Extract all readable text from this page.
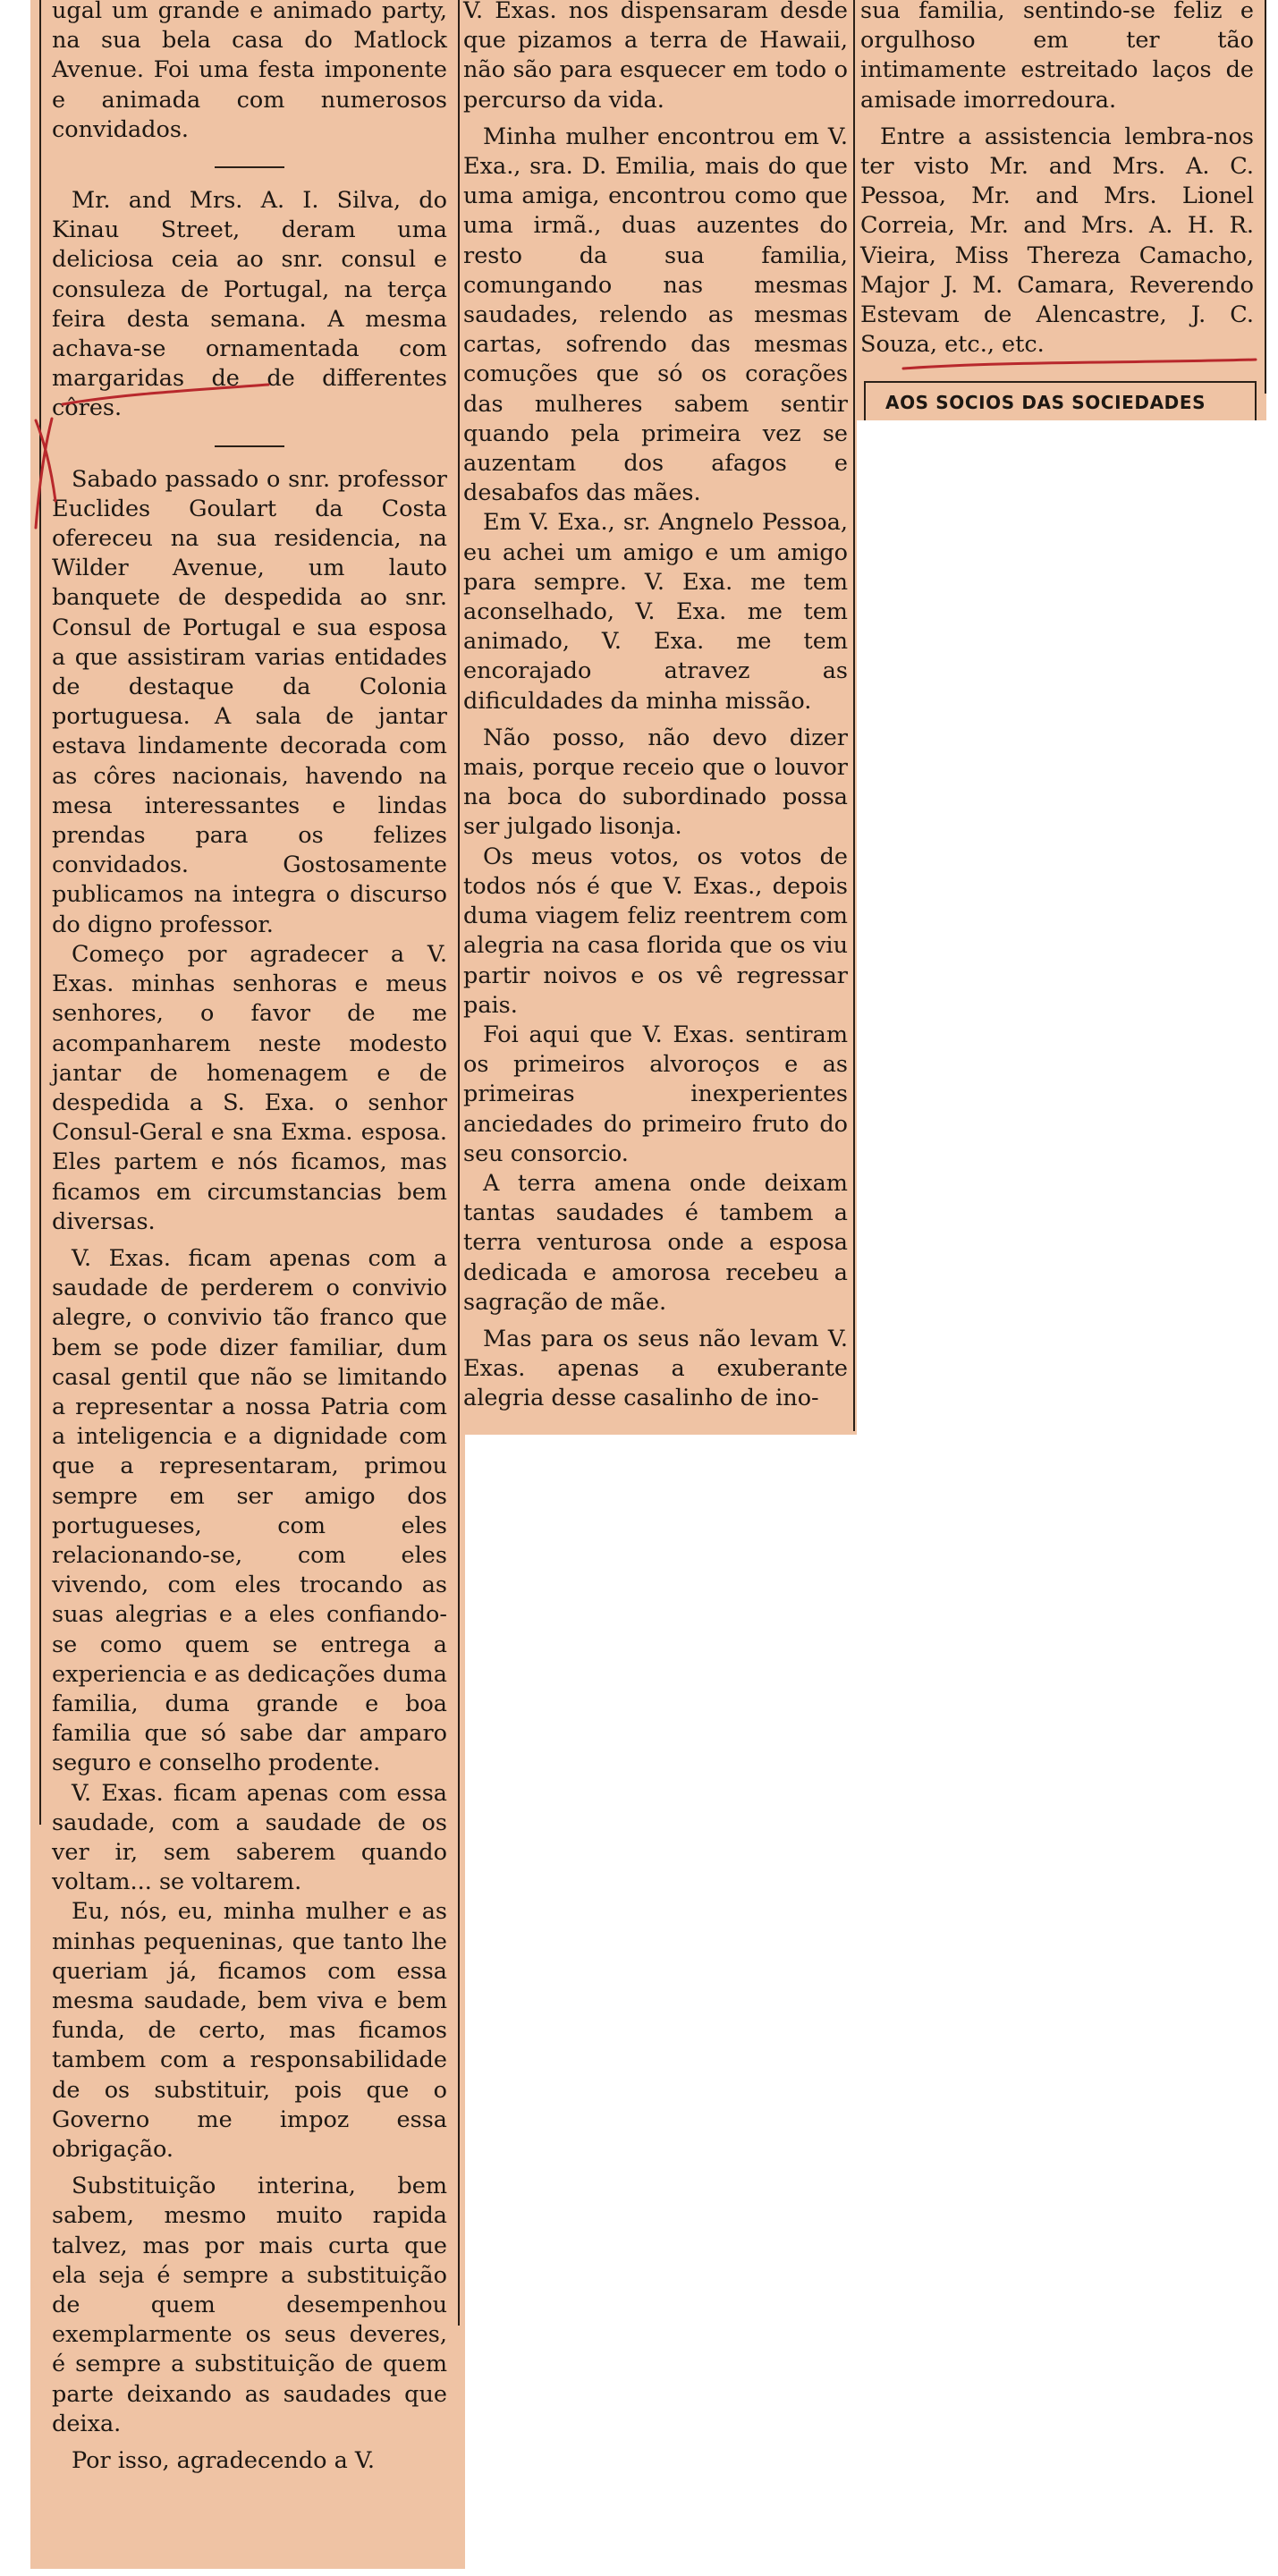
ugal um grande e animado party, na sua bela casa do Matlock Avenue. Foi uma festa imponente e animada com numerosos convidados.

Mr. and Mrs. A. I. Silva, do Kinau Street, deram uma deliciosa ceia ao snr. consul e consuleza de Portugal, na terça feira desta semana. A mesma achava-se ornamentada com margaridas de de differentes côres.

Sabado passado o snr. professor Euclides Goulart da Costa ofereceu na sua residencia, na Wilder Avenue, um lauto banquete de despedida ao snr. Consul de Portugal e sua esposa a que assistiram varias entidades de destaque da Colonia portuguesa. A sala de jantar estava lindamente decorada com as côres nacionais, havendo na mesa interessantes e lindas prendas para os felizes convidados. Gostosamente publicamos na integra o discurso do digno professor.

Começo por agradecer a V. Exas. minhas senhoras e meus senhores, o favor de me acompanharem neste modesto jantar de homenagem e de despedida a S. Exa. o senhor Consul-Geral e sna Exma. esposa. Eles partem e nós ficamos, mas ficamos em circumstancias bem diversas.

V. Exas. ficam apenas com a saudade de perderem o convivio alegre, o convivio tão franco que bem se pode dizer familiar, dum casal gentil que não se limitando a representar a nossa Patria com a inteligencia e a dignidade com que a representaram, primou sempre em ser amigo dos portugueses, com eles relacionando-se, com eles vivendo, com eles trocando as suas alegrias e a eles confiando-se como quem se entrega a experiencia e as dedicações duma familia, duma grande e boa familia que só sabe dar amparo seguro e conselho prodente.

V. Exas. ficam apenas com essa saudade, com a saudade de os ver ir, sem saberem quando voltam... se voltarem.

Eu, nós, eu, minha mulher e as minhas pequeninas, que tanto lhe queriam já, ficamos com essa mesma saudade, bem viva e bem funda, de certo, mas ficamos tambem com a responsabilidade de os substituir, pois que o Governo me impoz essa obrigação.

Substituição interina, bem sabem, mesmo muito rapida talvez, mas por mais curta que ela seja é sempre a substituição de quem desempenhou exemplarmente os seus deveres, é sempre a substituição de quem parte deixando as saudades que deixa.

Por isso, agradecendo a V.

V. Exas. nos dispensaram desde que pizamos a terra de Hawaii, não são para esquecer em todo o percurso da vida.

Minha mulher encontrou em V. Exa., sra. D. Emilia, mais do que uma amiga, encontrou como que uma irmã., duas auzentes do resto da sua familia, comungando nas mesmas saudades, relendo as mesmas cartas, sofrendo das mesmas comuções que só os corações das mulheres sabem sentir quando pela primeira vez se auzentam dos afagos e desabafos das mães.

Em V. Exa., sr. Angnelo Pessoa, eu achei um amigo e um amigo para sempre. V. Exa. me tem aconselhado, V. Exa. me tem animado, V. Exa. me tem encorajado atravez as dificuldades da minha missão.

Não posso, não devo dizer mais, porque receio que o louvor na boca do subordinado possa ser julgado lisonja.

Os meus votos, os votos de todos nós é que V. Exas., depois duma viagem feliz reentrem com alegria na casa florida que os viu partir noivos e os vê regressar pais.

Foi aqui que V. Exas. sentiram os primeiros alvoroços e as primeiras inexperientes anciedades do primeiro fruto do seu consorcio.

A terra amena onde deixam tantas saudades é tambem a terra venturosa onde a esposa dedicada e amorosa recebeu a sagração de mãe.

Mas para os seus não levam V. Exas. apenas a exuberante alegria desse casalinho de ino-

sua familia, sentindo-se feliz e orgulhoso em ter tão intimamente estreitado laços de amisade imorredoura.

Entre a assistencia lembra-nos ter visto Mr. and Mrs. A. C. Pessoa, Mr. and Mrs. Lionel Correia, Mr. and Mrs. A. H. R. Vieira, Miss Thereza Camacho, Major J. M. Camara, Reverendo Estevam de Alencastre, J. C. Souza, etc., etc.

AOS SOCIOS DAS SOCIEDADES
